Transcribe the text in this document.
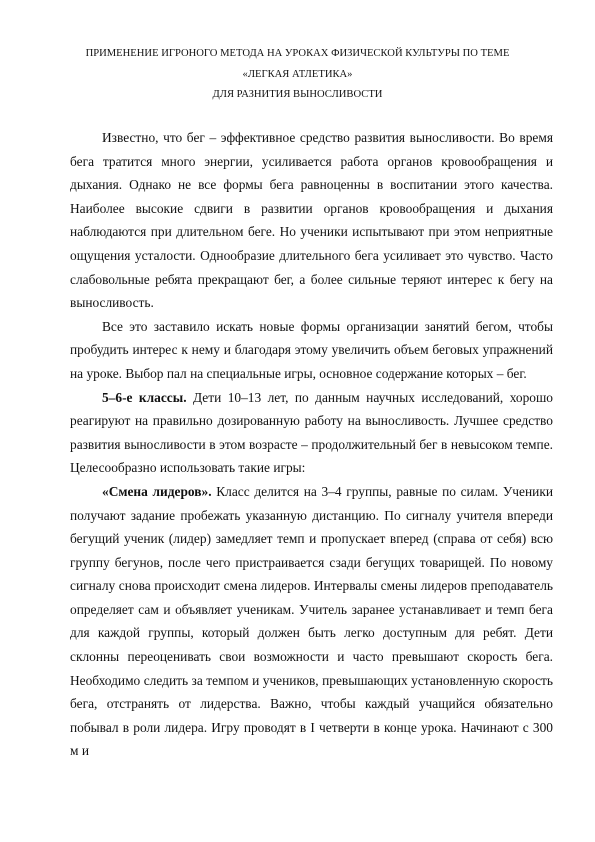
ПРИМЕНЕНИЕ ИГРОНОГО МЕТОДА НА УРОКАХ ФИЗИЧЕСКОЙ КУЛЬТУРЫ ПО ТЕМЕ
«ЛЕГКАЯ АТЛЕТИКА»
ДЛЯ РАЗНИТИЯ ВЫНОСЛИВОСТИ

Известно, что бег – эффективное средство развития выносливости. Во время бега тратится много энергии, усиливается работа органов кровообращения и дыхания. Однако не все формы бега равноценны в воспитании этого качества. Наиболее высокие сдвиги в развитии органов кровообращения и дыхания наблюдаются при длительном беге. Но ученики испытывают при этом неприятные ощущения усталости. Однообразие длительного бега усиливает это чувство. Часто слабовольные ребята прекращают бег, а более сильные теряют интерес к бегу на выносливость.

Все это заставило искать новые формы организации занятий бегом, чтобы пробудить интерес к нему и благодаря этому увеличить объем беговых упражнений на уроке. Выбор пал на специальные игры, основное содержание которых – бег.

5–6-е классы. Дети 10–13 лет, по данным научных исследований, хорошо реагируют на правильно дозированную работу на выносливость. Лучшее средство развития выносливости в этом возрасте – продолжительный бег в невысоком темпе. Целесообразно использовать такие игры:

«Смена лидеров». Класс делится на 3–4 группы, равные по силам. Ученики получают задание пробежать указанную дистанцию. По сигналу учителя впереди бегущий ученик (лидер) замедляет темп и пропускает вперед (справа от себя) всю группу бегунов, после чего пристраивается сзади бегущих товарищей. По новому сигналу снова происходит смена лидеров. Интервалы смены лидеров преподаватель определяет сам и объявляет ученикам. Учитель заранее устанавливает и темп бега для каждой группы, который должен быть легко доступным для ребят. Дети склонны переоценивать свои возможности и часто превышают скорость бега. Необходимо следить за темпом и учеников, превышающих установленную скорость бега, отстранять от лидерства. Важно, чтобы каждый учащийся обязательно побывал в роли лидера. Игру проводят в I четверти в конце урока. Начинают с 300 м и
